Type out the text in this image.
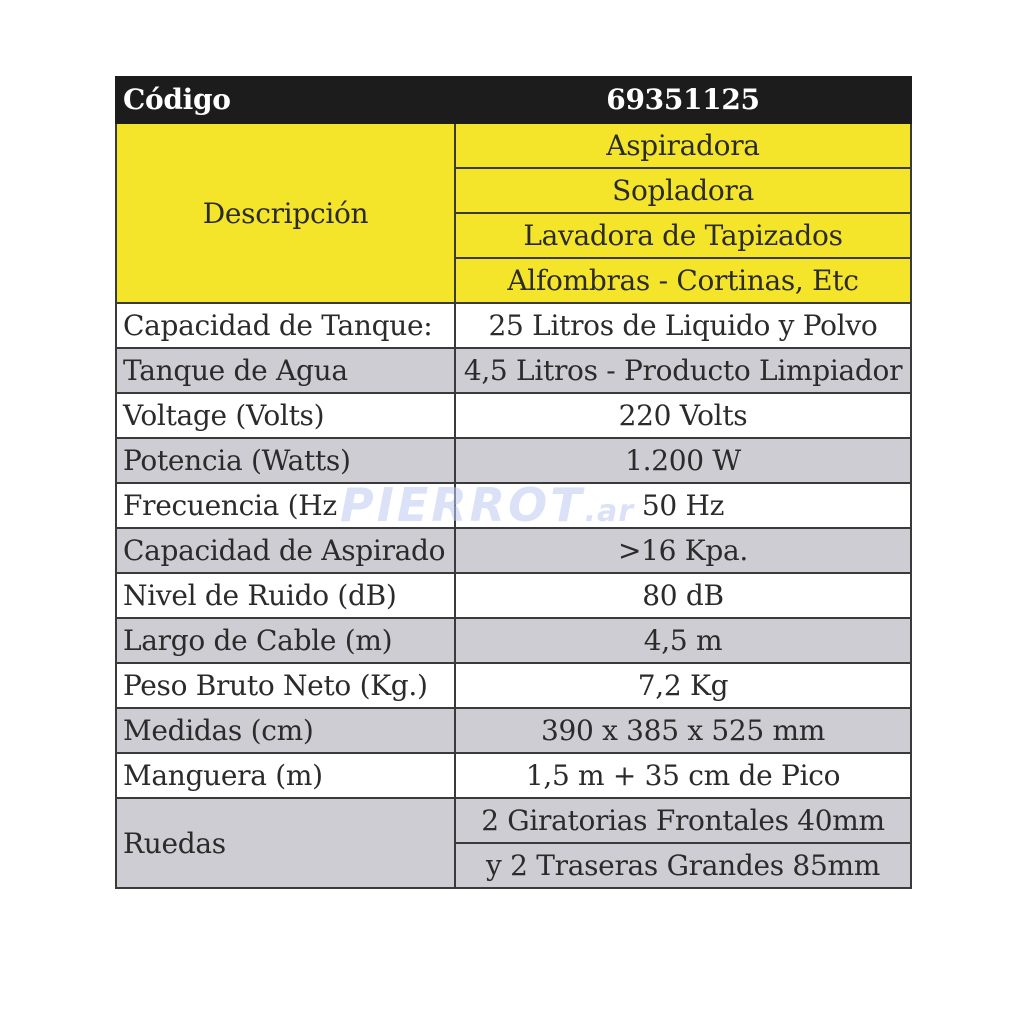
Código	69351125
Descripción	Aspiradora
	Sopladora
	Lavadora de Tapizados
	Alfombras - Cortinas, Etc
Capacidad de Tanque:	25 Litros de Liquido y Polvo
Tanque de Agua	4,5 Litros - Producto Limpiador
Voltage (Volts)	220 Volts
Potencia (Watts)	1.200 W
Frecuencia (Hz	50 Hz
Capacidad de Aspirado	>16 Kpa.
Nivel de Ruido (dB)	80 dB
Largo de Cable (m)	4,5 m
Peso Bruto Neto (Kg.)	7,2 Kg
Medidas (cm)	390 x 385 x 525 mm
Manguera (m)	1,5 m + 35 cm de Pico
Ruedas	2 Giratorias Frontales 40mm
	y 2 Traseras Grandes 85mm
PIERROT.ar
